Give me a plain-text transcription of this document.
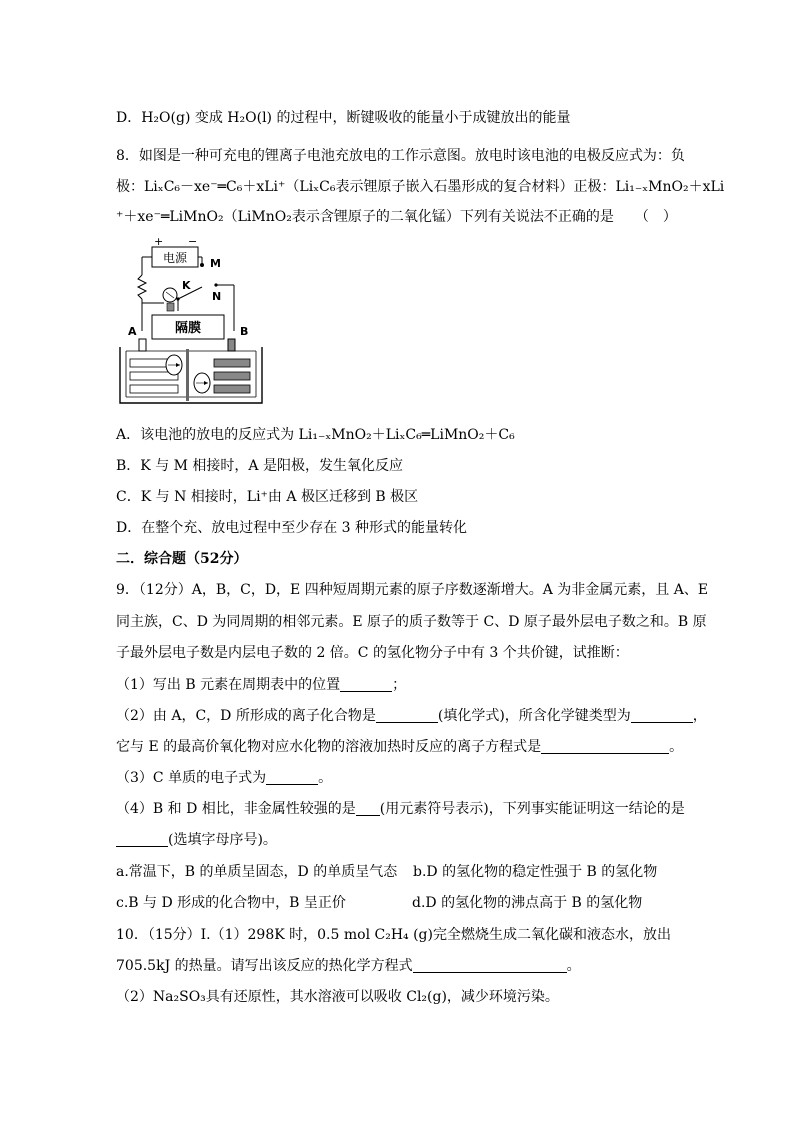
D．H₂O(g) 变成 H₂O(l) 的过程中，断键吸收的能量小于成键放出的能量
8．如图是一种可充电的锂离子电池充放电的工作示意图。放电时该电池的电极反应式为：负
极：LiₓC₆－xe⁻═C₆＋xLi⁺（LiₓC₆表示锂原子嵌入石墨形成的复合材料）正极：Li₁₋ₓMnO₂＋xLi
⁺＋xe⁻═LiMnO₂（LiMnO₂表示含锂原子的二氧化锰）下列有关说法不正确的是　　（　）
电源
+ −
M
K
N
隔膜
A	B
A．该电池的放电的反应式为 Li₁₋ₓMnO₂＋LiₓC₆═LiMnO₂＋C₆
B．K 与 M 相接时，A 是阳极，发生氧化反应
C．K 与 N 相接时，Li⁺由 A 极区迁移到 B 极区
D．在整个充、放电过程中至少存在 3 种形式的能量转化
二．综合题（52分）
9．（12分）A，B，C，D，E 四种短周期元素的原子序数逐渐增大。A 为非金属元素，且 A、E
同主族，C、D 为同周期的相邻元素。E 原子的质子数等于 C、D 原子最外层电子数之和。B 原
子最外层电子数是内层电子数的 2 倍。C 的氢化物分子中有 3 个共价键，试推断：
（1）写出 B 元素在周期表中的位置	；
（2）由 A，C，D 所形成的离子化合物是	(填化学式)，所含化学键类型为	，
它与 E 的最高价氧化物对应水化物的溶液加热时反应的离子方程式是	。
（3）C 单质的电子式为	。
（4）B 和 D 相比，非金属性较强的是 (用元素符号表示)，下列事实能证明这一结论的是
(选填字母序号)。
a.常温下，B 的单质呈固态，D 的单质呈气态 b.D 的氢化物的稳定性强于 B 的氢化物
c.B 与 D 形成的化合物中，B 呈正价	d.D 的氢化物的沸点高于 B 的氢化物
10．（15分）Ⅰ.（1）298K 时，0.5 mol C₂H₄ (g)完全燃烧生成二氧化碳和液态水，放出
705.5kJ 的热量。请写出该反应的热化学方程式	。
（2）Na₂SO₃具有还原性，其水溶液可以吸收 Cl₂(g)，减少环境污染。
